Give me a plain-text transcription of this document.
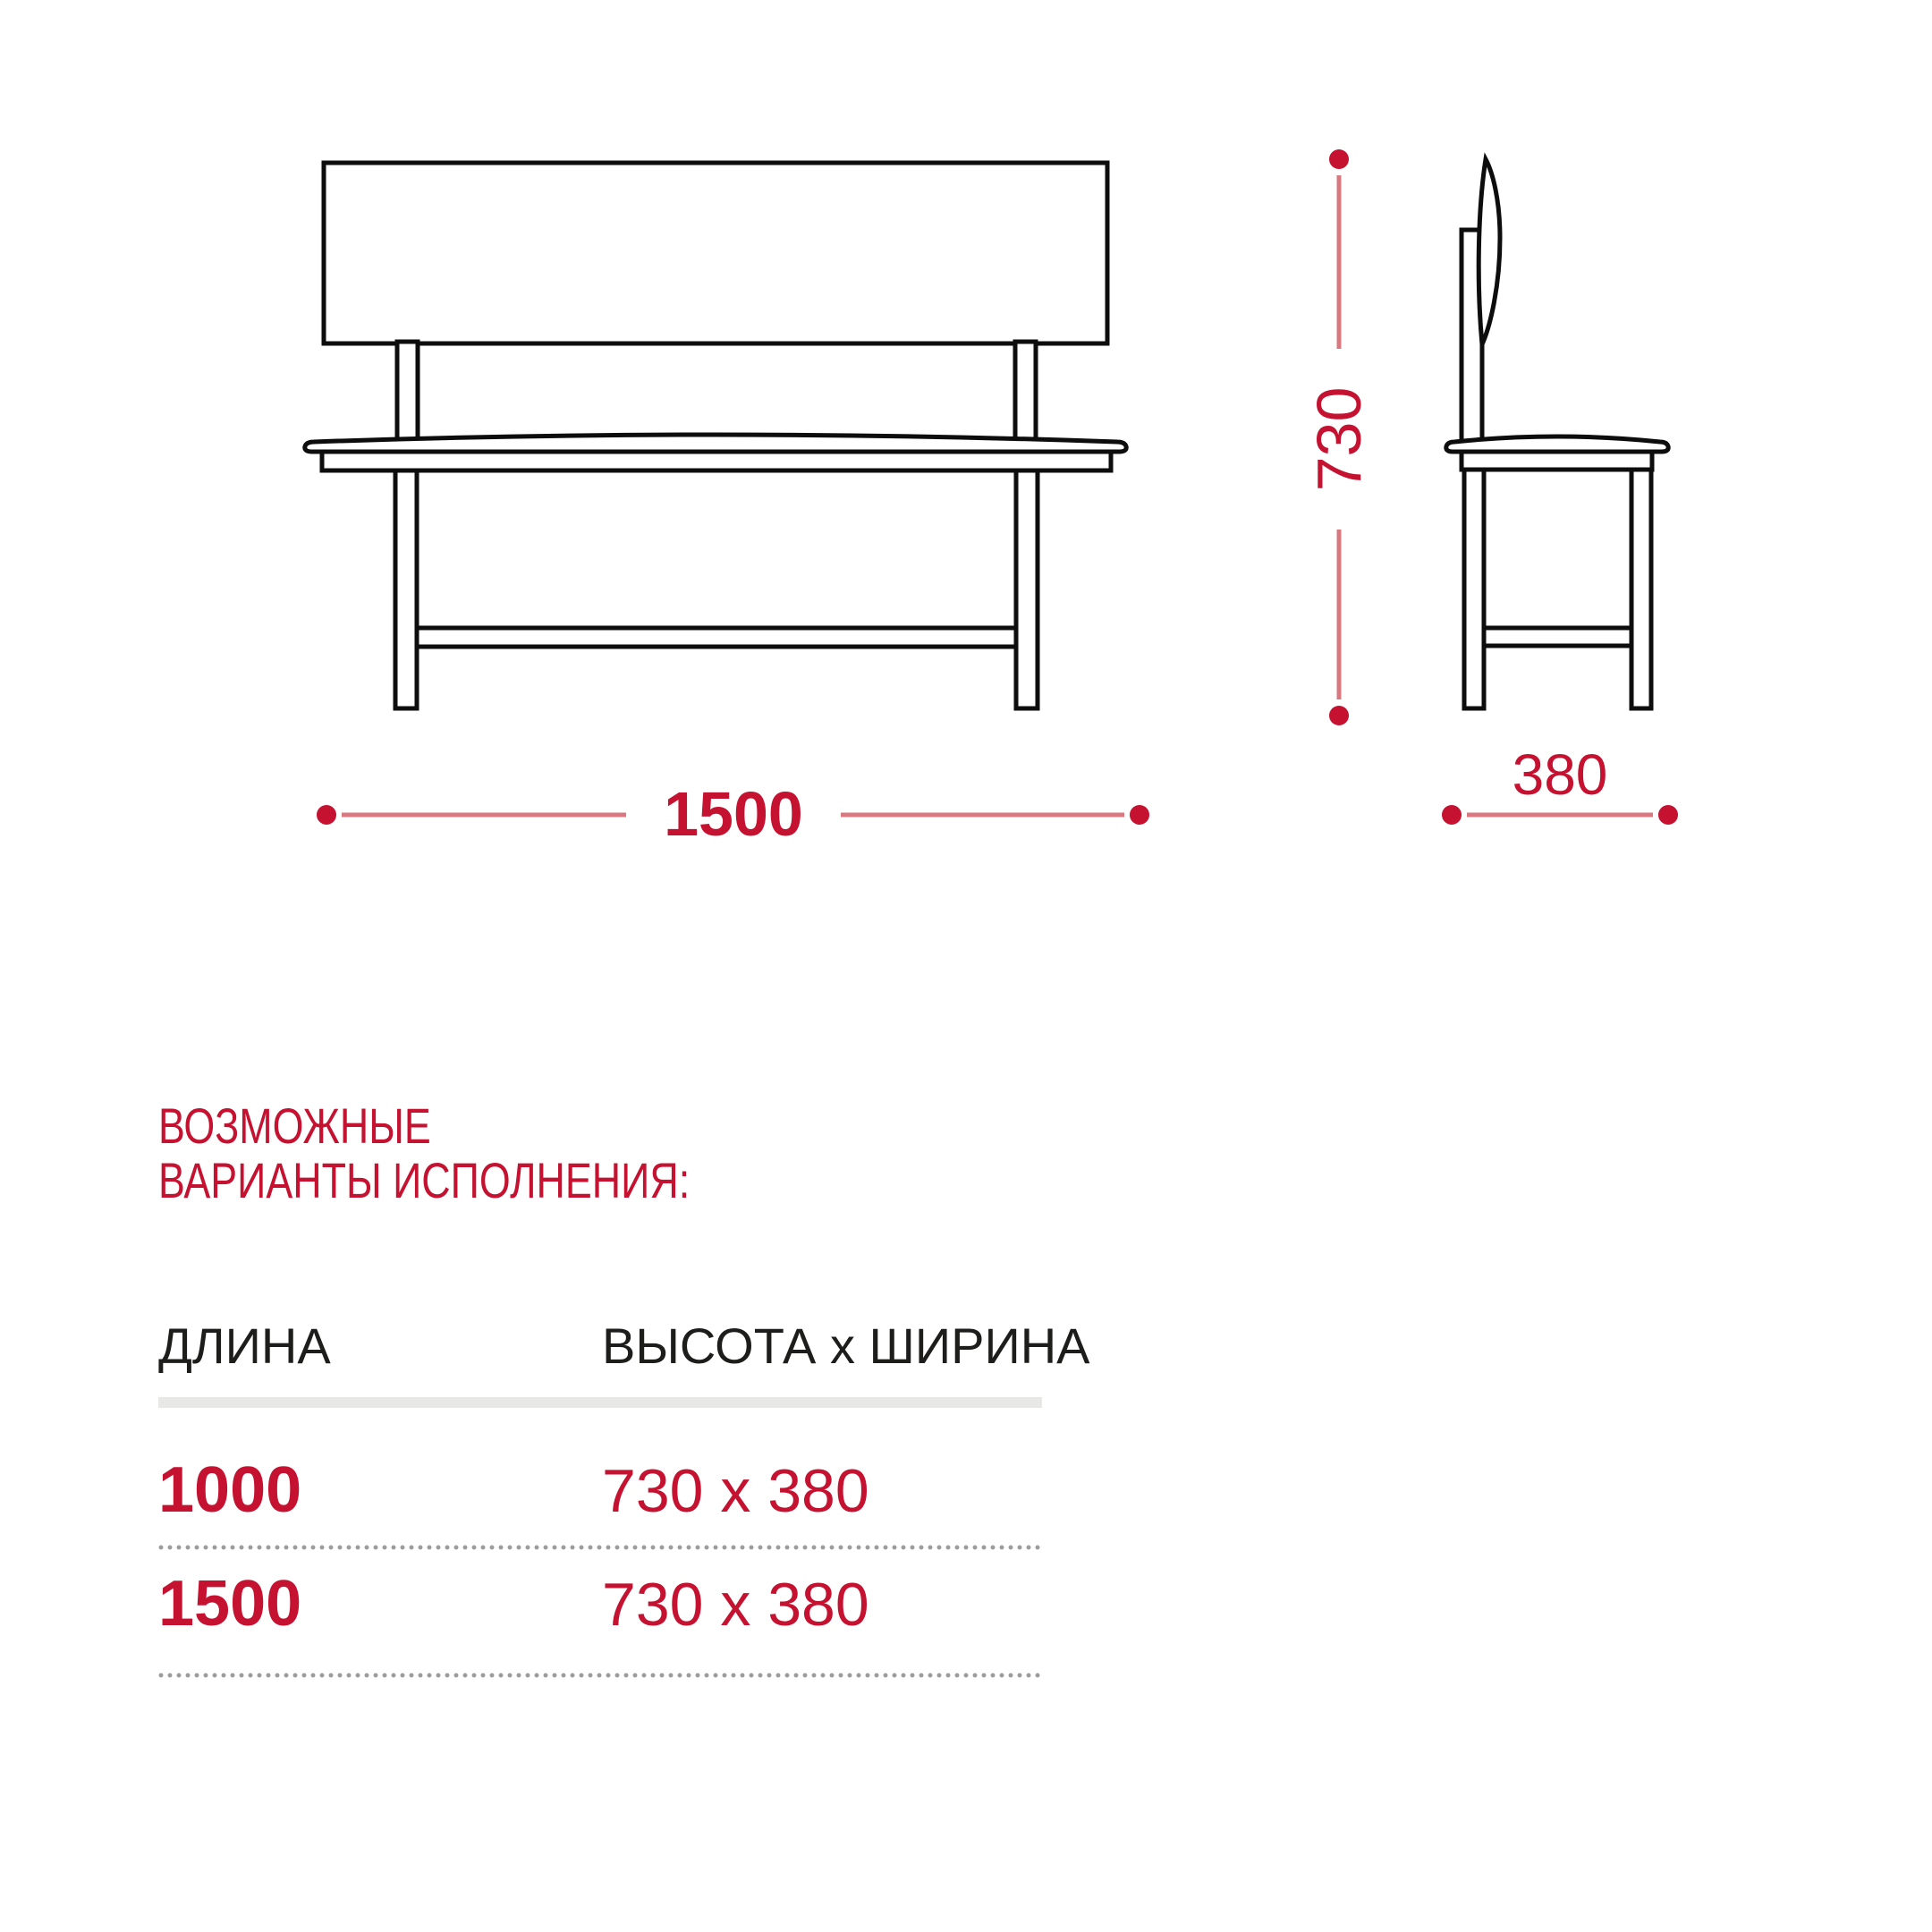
1500
730
380
ВОЗМОЖНЫЕ
ВАРИАНТЫ ИСПОЛНЕНИЯ:
ДЛИНА	ВЫСОТА х ШИРИНА
1000	730 x 380
1500	730 x 380
